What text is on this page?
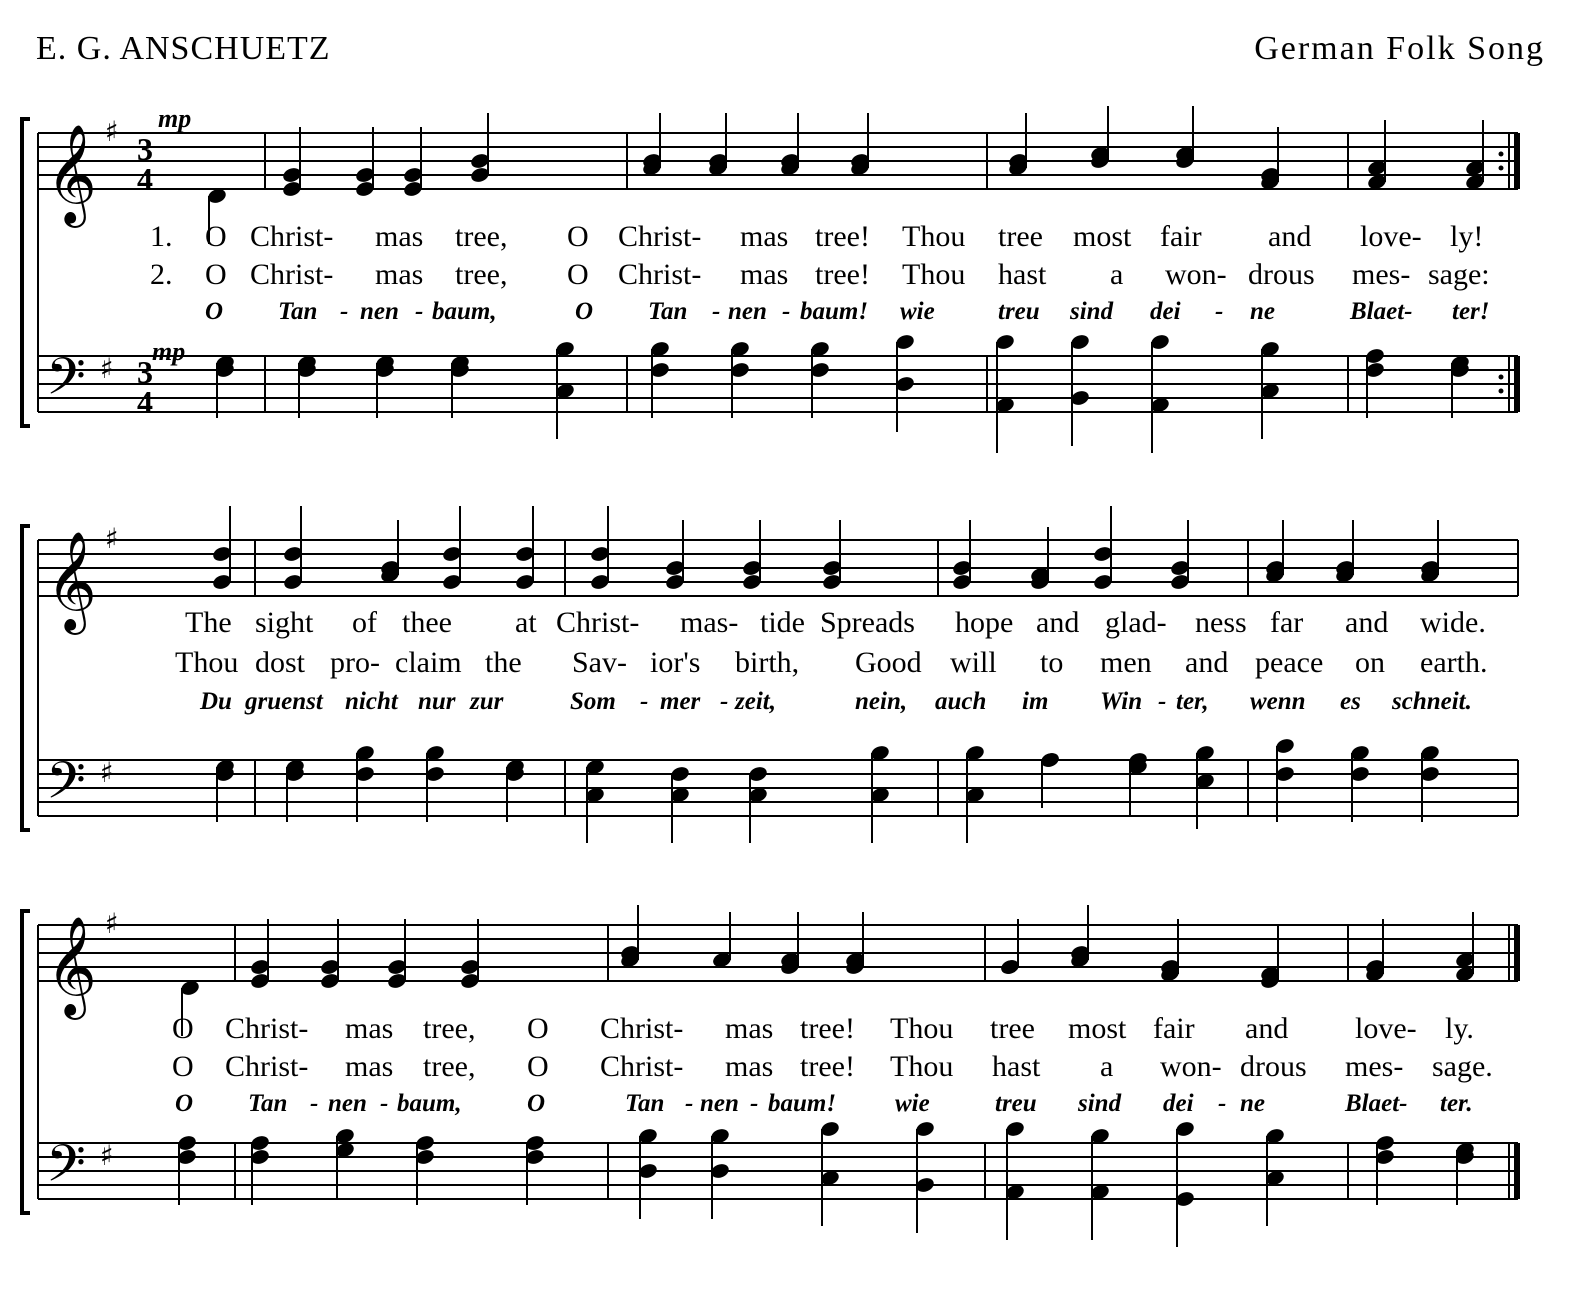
E. G. ANSCHUETZ	German Folk Song
𝄞
𝄢
♯
♯
3
4
3
4
mp
mp
1. O Christ- mas tree, O Christ- mas tree! Thou tree most fair and love- ly!
2. O Christ- mas tree, O Christ- mas tree! Thou hast a won- drous mes- sage:
O Tan - nen - baum,	O Tan - nen - baum! wie	treu sind dei - ne	Blaet- ter!
𝄞
𝄢
♯
♯
The sight of thee at Christ- mas- tide Spreads hope and glad- ness far and wide.
Thou dost pro- claim the Sav- ior's birth, Good will to men and peace on earth.
Du gruenst nicht nur zur	Som - mer - zeit,	nein, auch im Win - ter, wenn es schneit.
𝄞
𝄢
♯
♯
O Christ- mas tree, O Christ- mas tree! Thou tree most fair and love- ly.
O Christ- mas tree, O Christ- mas tree! Thou hast a won- drous mes- sage.
O Tan - nen - baum,	O	Tan - nen - baum! wie	treu sind dei - ne	Blaet- ter.
